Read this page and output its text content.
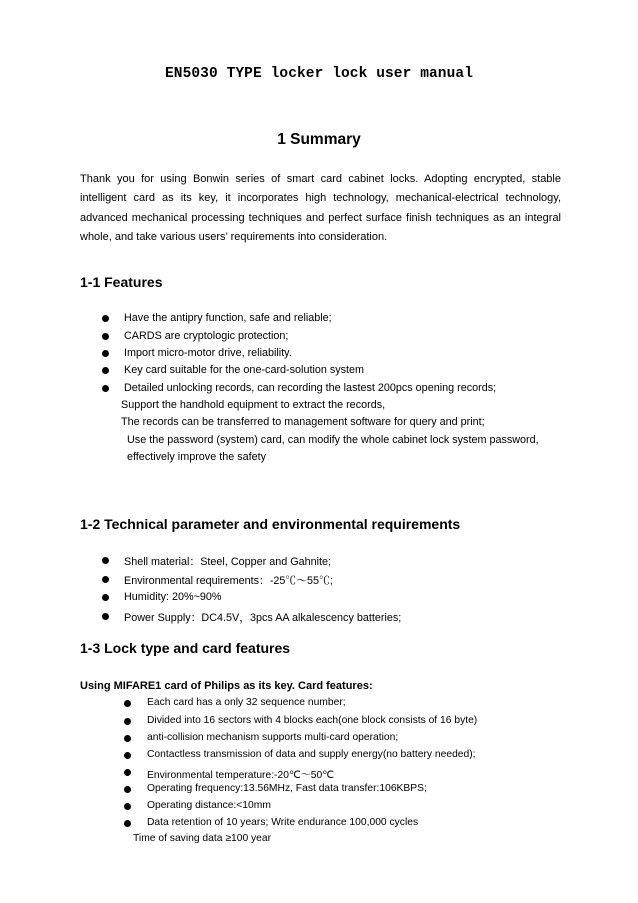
EN5030 TYPE locker lock user manual
1 Summary
Thank you for using Bonwin series of smart card cabinet locks. Adopting encrypted, stable intelligent card as its key, it incorporates high technology, mechanical-electrical technology, advanced mechanical processing techniques and perfect surface finish techniques as an integral whole, and take various users’ requirements into consideration.
1-1 Features
Have the antipry function, safe and reliable;
CARDS are cryptologic protection;
Import micro-motor drive, reliability.
Key card suitable for the one-card-solution system
Detailed unlocking records, can recording the lastest 200pcs opening records;
Support the handhold equipment to extract the records,
The records can be transferred to management software for query and print;
Use the password (system) card, can modify the whole cabinet lock system password,
effectively improve the safety
1-2 Technical parameter and environmental requirements
Shell material：Steel, Copper and Gahnite;
Environmental requirements：-25℃～55℃;
Humidity: 20%~90%
Power Supply：DC4.5V，3pcs AA alkalescency batteries;
1-3 Lock type and card features
Using MIFARE1 card of Philips as its key. Card features:
Each card has a only 32 sequence number;
Divided into 16 sectors with 4 blocks each(one block consists of 16 byte)
anti-collision mechanism supports multi-card operation;
Contactless transmission of data and supply energy(no battery needed);
Environmental temperature:-20℃～50℃
Operating frequency:13.56MHz, Fast data transfer:106KBPS;
Operating distance:<10mm
Data retention of 10 years; Write endurance 100,000 cycles
Time of saving data ≥100 year
